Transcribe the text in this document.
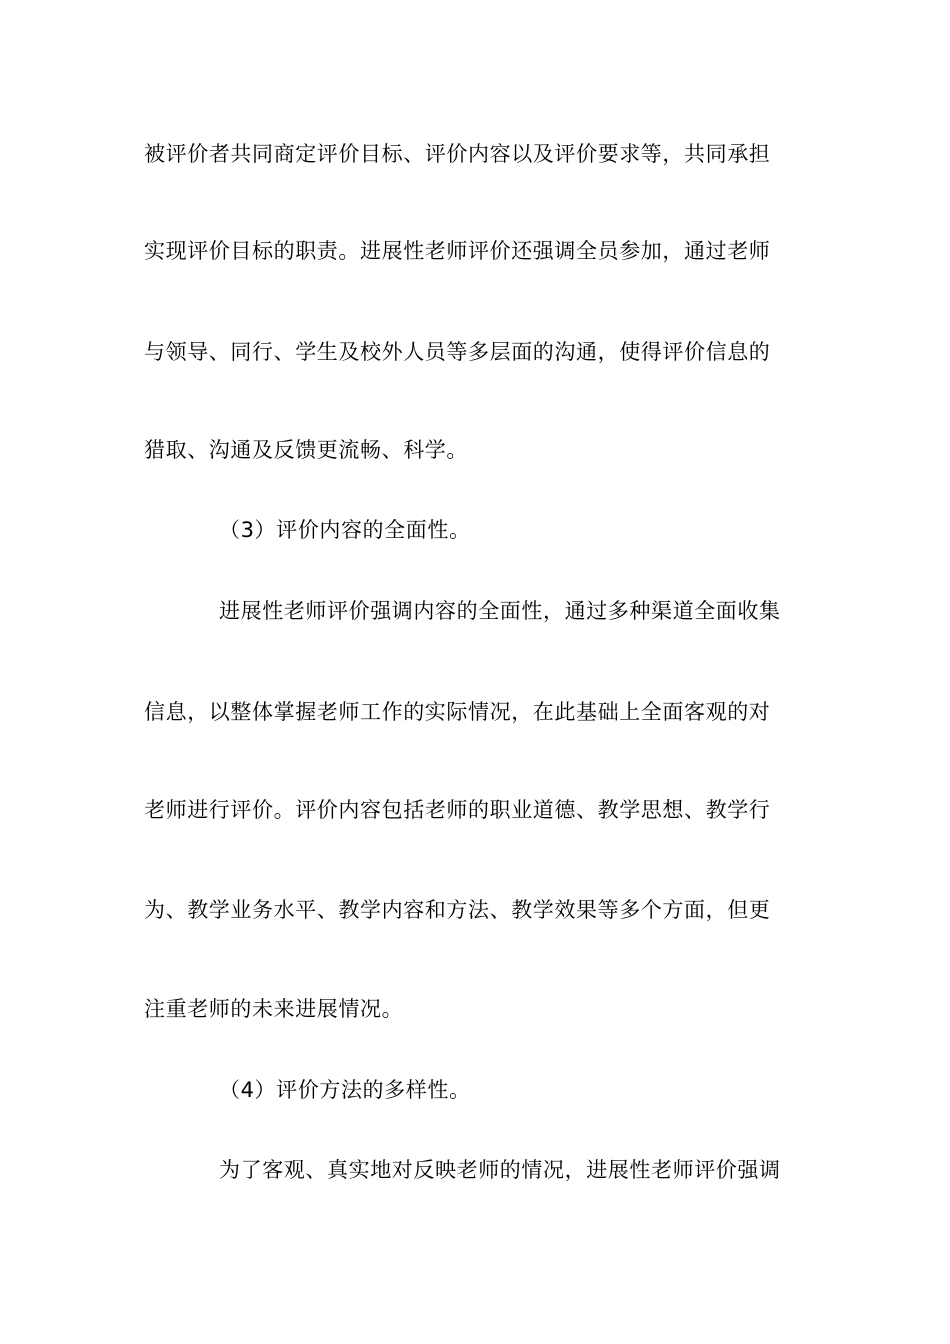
被评价者共同商定评价目标、评价内容以及评价要求等，共同承担
实现评价目标的职责。进展性老师评价还强调全员参加，通过老师
与领导、同行、学生及校外人员等多层面的沟通，使得评价信息的
猎取、沟通及反馈更流畅、科学。
（3）评价内容的全面性。
进展性老师评价强调内容的全面性，通过多种渠道全面收集
信息，以整体掌握老师工作的实际情况，在此基础上全面客观的对
老师进行评价。评价内容包括老师的职业道德、教学思想、教学行
为、教学业务水平、教学内容和方法、教学效果等多个方面，但更
注重老师的未来进展情况。
（4）评价方法的多样性。
为了客观、真实地对反映老师的情况，进展性老师评价强调
